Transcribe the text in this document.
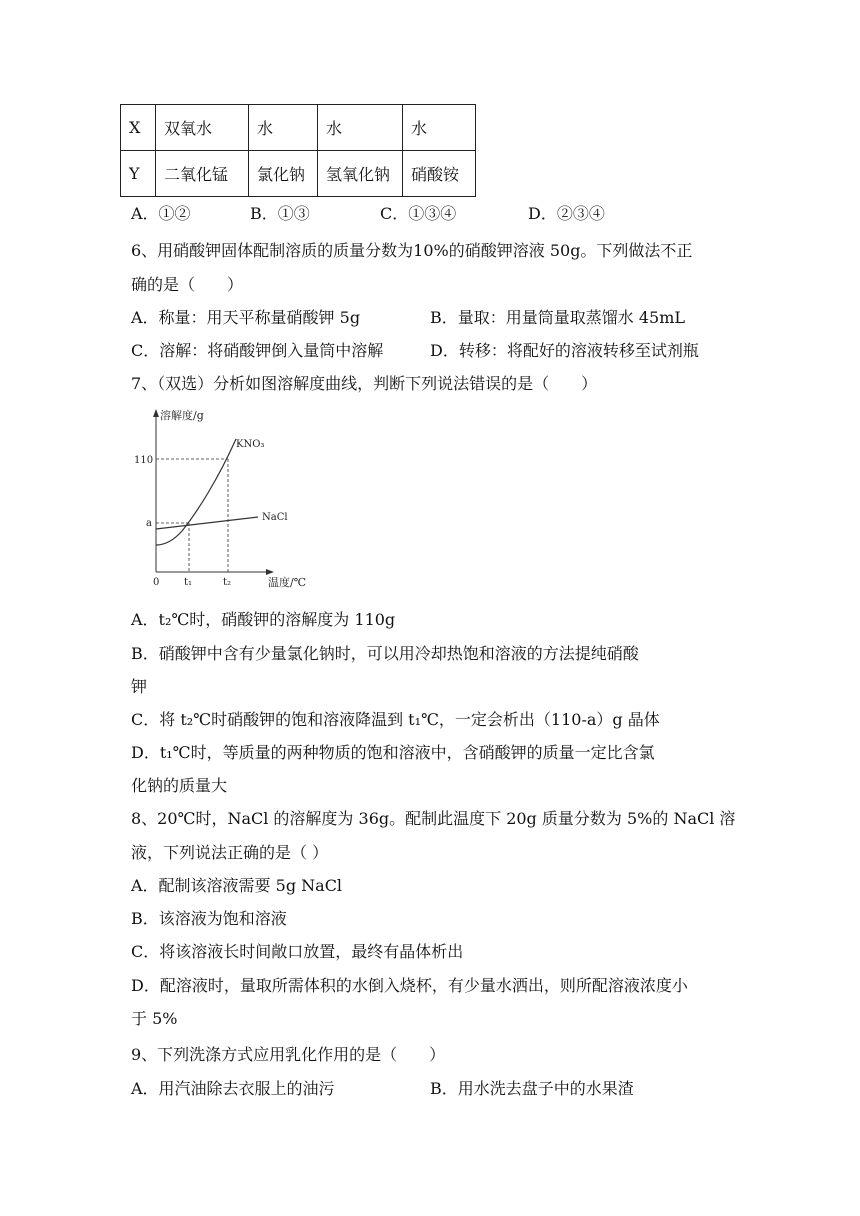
X	双氧水	水	水	水
Y	二氧化锰	氯化钠	氢氧化钠	硝酸铵
A．①②	B．①③	C．①③④	D．②③④
6、用硝酸钾固体配制溶质的质量分数为10%的硝酸钾溶液 50g。下列做法不正
确的是（　　）
A．称量：用天平称量硝酸钾 5g	B．量取：用量筒量取蒸馏水 45mL
C．溶解：将硝酸钾倒入量筒中溶解	D．转移：将配好的溶液转移至试剂瓶
7、（双选）分析如图溶解度曲线，判断下列说法错误的是（　　）
溶解度/g
KNO₃
NaCl
110
a
0 t₁	t₂	温度/℃
A．t₂℃时，硝酸钾的溶解度为 110g
B．硝酸钾中含有少量氯化钠时，可以用冷却热饱和溶液的方法提纯硝酸
钾
C．将 t₂℃时硝酸钾的饱和溶液降温到 t₁℃，一定会析出（110-a）g 晶体
D．t₁℃时，等质量的两种物质的饱和溶液中，含硝酸钾的质量一定比含氯
化钠的质量大
8、20℃时，NaCl 的溶解度为 36g。配制此温度下 20g 质量分数为 5%的 NaCl 溶
液，下列说法正确的是（ ）
A．配制该溶液需要 5g NaCl
B．该溶液为饱和溶液
C．将该溶液长时间敞口放置，最终有晶体析出
D．配溶液时，量取所需体积的水倒入烧杯，有少量水洒出，则所配溶液浓度小
于 5%
9、下列洗涤方式应用乳化作用的是（　　）
A．用汽油除去衣服上的油污	B．用水洗去盘子中的水果渣
